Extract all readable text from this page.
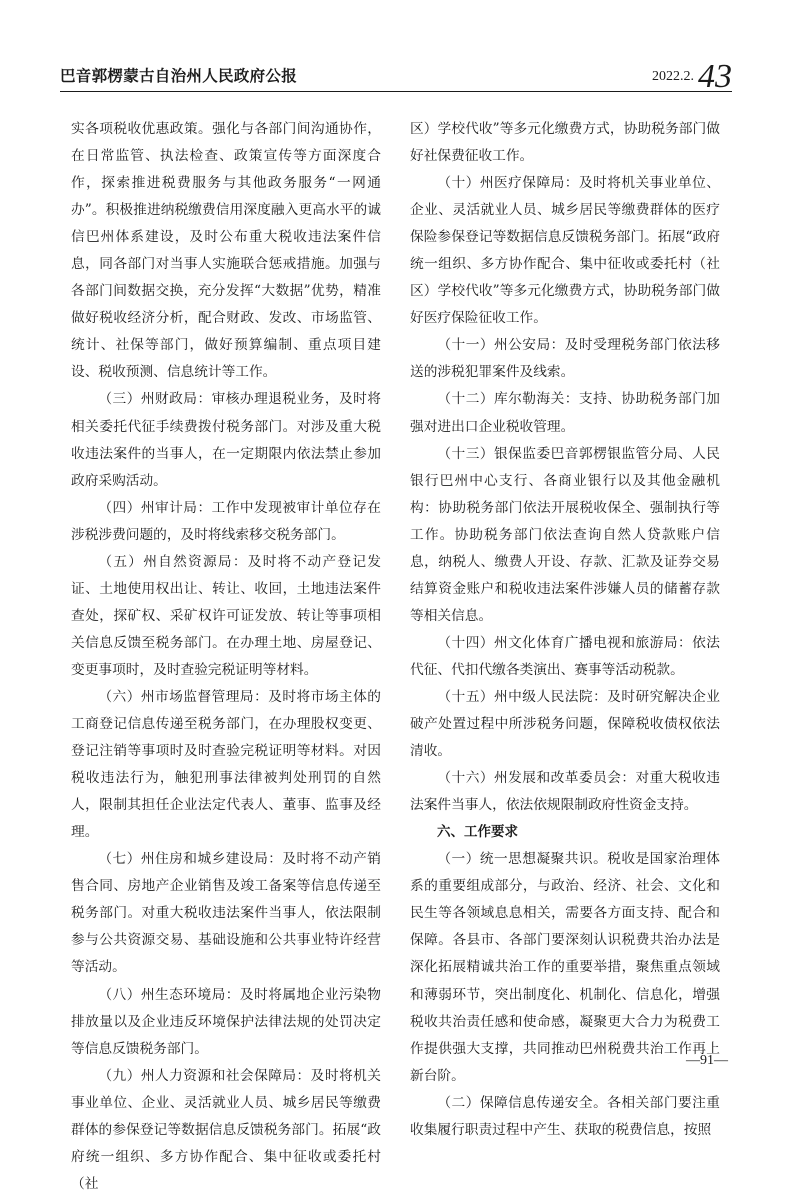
巴音郭楞蒙古自治州人民政府公报	2022.2. 43

实各项税收优惠政策。强化与各部门间沟通协作，在日常监管、执法检查、政策宣传等方面深度合作，探索推进税费服务与其他政务服务“一网通办”。积极推进纳税缴费信用深度融入更高水平的诚信巴州体系建设，及时公布重大税收违法案件信息，同各部门对当事人实施联合惩戒措施。加强与各部门间数据交换，充分发挥“大数据”优势，精准做好税收经济分析，配合财政、发改、市场监管、统计、社保等部门，做好预算编制、重点项目建设、税收预测、信息统计等工作。

（三）州财政局：审核办理退税业务，及时将相关委托代征手续费拨付税务部门。对涉及重大税收违法案件的当事人，在一定期限内依法禁止参加政府采购活动。

（四）州审计局：工作中发现被审计单位存在涉税涉费问题的，及时将线索移交税务部门。

（五）州自然资源局：及时将不动产登记发证、土地使用权出让、转让、收回，土地违法案件查处，探矿权、采矿权许可证发放、转让等事项相关信息反馈至税务部门。在办理土地、房屋登记、变更事项时，及时查验完税证明等材料。

（六）州市场监督管理局：及时将市场主体的工商登记信息传递至税务部门，在办理股权变更、登记注销等事项时及时查验完税证明等材料。对因税收违法行为，触犯刑事法律被判处刑罚的自然人，限制其担任企业法定代表人、董事、监事及经理。

（七）州住房和城乡建设局：及时将不动产销售合同、房地产企业销售及竣工备案等信息传递至税务部门。对重大税收违法案件当事人，依法限制参与公共资源交易、基础设施和公共事业特许经营等活动。

（八）州生态环境局：及时将属地企业污染物排放量以及企业违反环境保护法律法规的处罚决定等信息反馈税务部门。

（九）州人力资源和社会保障局：及时将机关事业单位、企业、灵活就业人员、城乡居民等缴费群体的参保登记等数据信息反馈税务部门。拓展“政府统一组织、多方协作配合、集中征收或委托村（社

区）学校代收”等多元化缴费方式，协助税务部门做好社保费征收工作。

（十）州医疗保障局：及时将机关事业单位、企业、灵活就业人员、城乡居民等缴费群体的医疗保险参保登记等数据信息反馈税务部门。拓展“政府统一组织、多方协作配合、集中征收或委托村（社区）学校代收”等多元化缴费方式，协助税务部门做好医疗保险征收工作。

（十一）州公安局：及时受理税务部门依法移送的涉税犯罪案件及线索。

（十二）库尔勒海关：支持、协助税务部门加强对进出口企业税收管理。

（十三）银保监委巴音郭楞银监管分局、人民银行巴州中心支行、各商业银行以及其他金融机构：协助税务部门依法开展税收保全、强制执行等工作。协助税务部门依法查询自然人贷款账户信息，纳税人、缴费人开设、存款、汇款及证券交易结算资金账户和税收违法案件涉嫌人员的储蓄存款等相关信息。

（十四）州文化体育广播电视和旅游局：依法代征、代扣代缴各类演出、赛事等活动税款。

（十五）州中级人民法院：及时研究解决企业破产处置过程中所涉税务问题，保障税收债权依法清收。

（十六）州发展和改革委员会：对重大税收违法案件当事人，依法依规限制政府性资金支持。

六、工作要求

（一）统一思想凝聚共识。税收是国家治理体系的重要组成部分，与政治、经济、社会、文化和民生等各领域息息相关，需要各方面支持、配合和保障。各县市、各部门要深刻认识税费共治办法是深化拓展精诚共治工作的重要举措，聚焦重点领域和薄弱环节，突出制度化、机制化、信息化，增强税收共治责任感和使命感，凝聚更大合力为税费工作提供强大支撑，共同推动巴州税费共治工作再上新台阶。

（二）保障信息传递安全。各相关部门要注重收集履行职责过程中产生、获取的税费信息，按照

—91—
